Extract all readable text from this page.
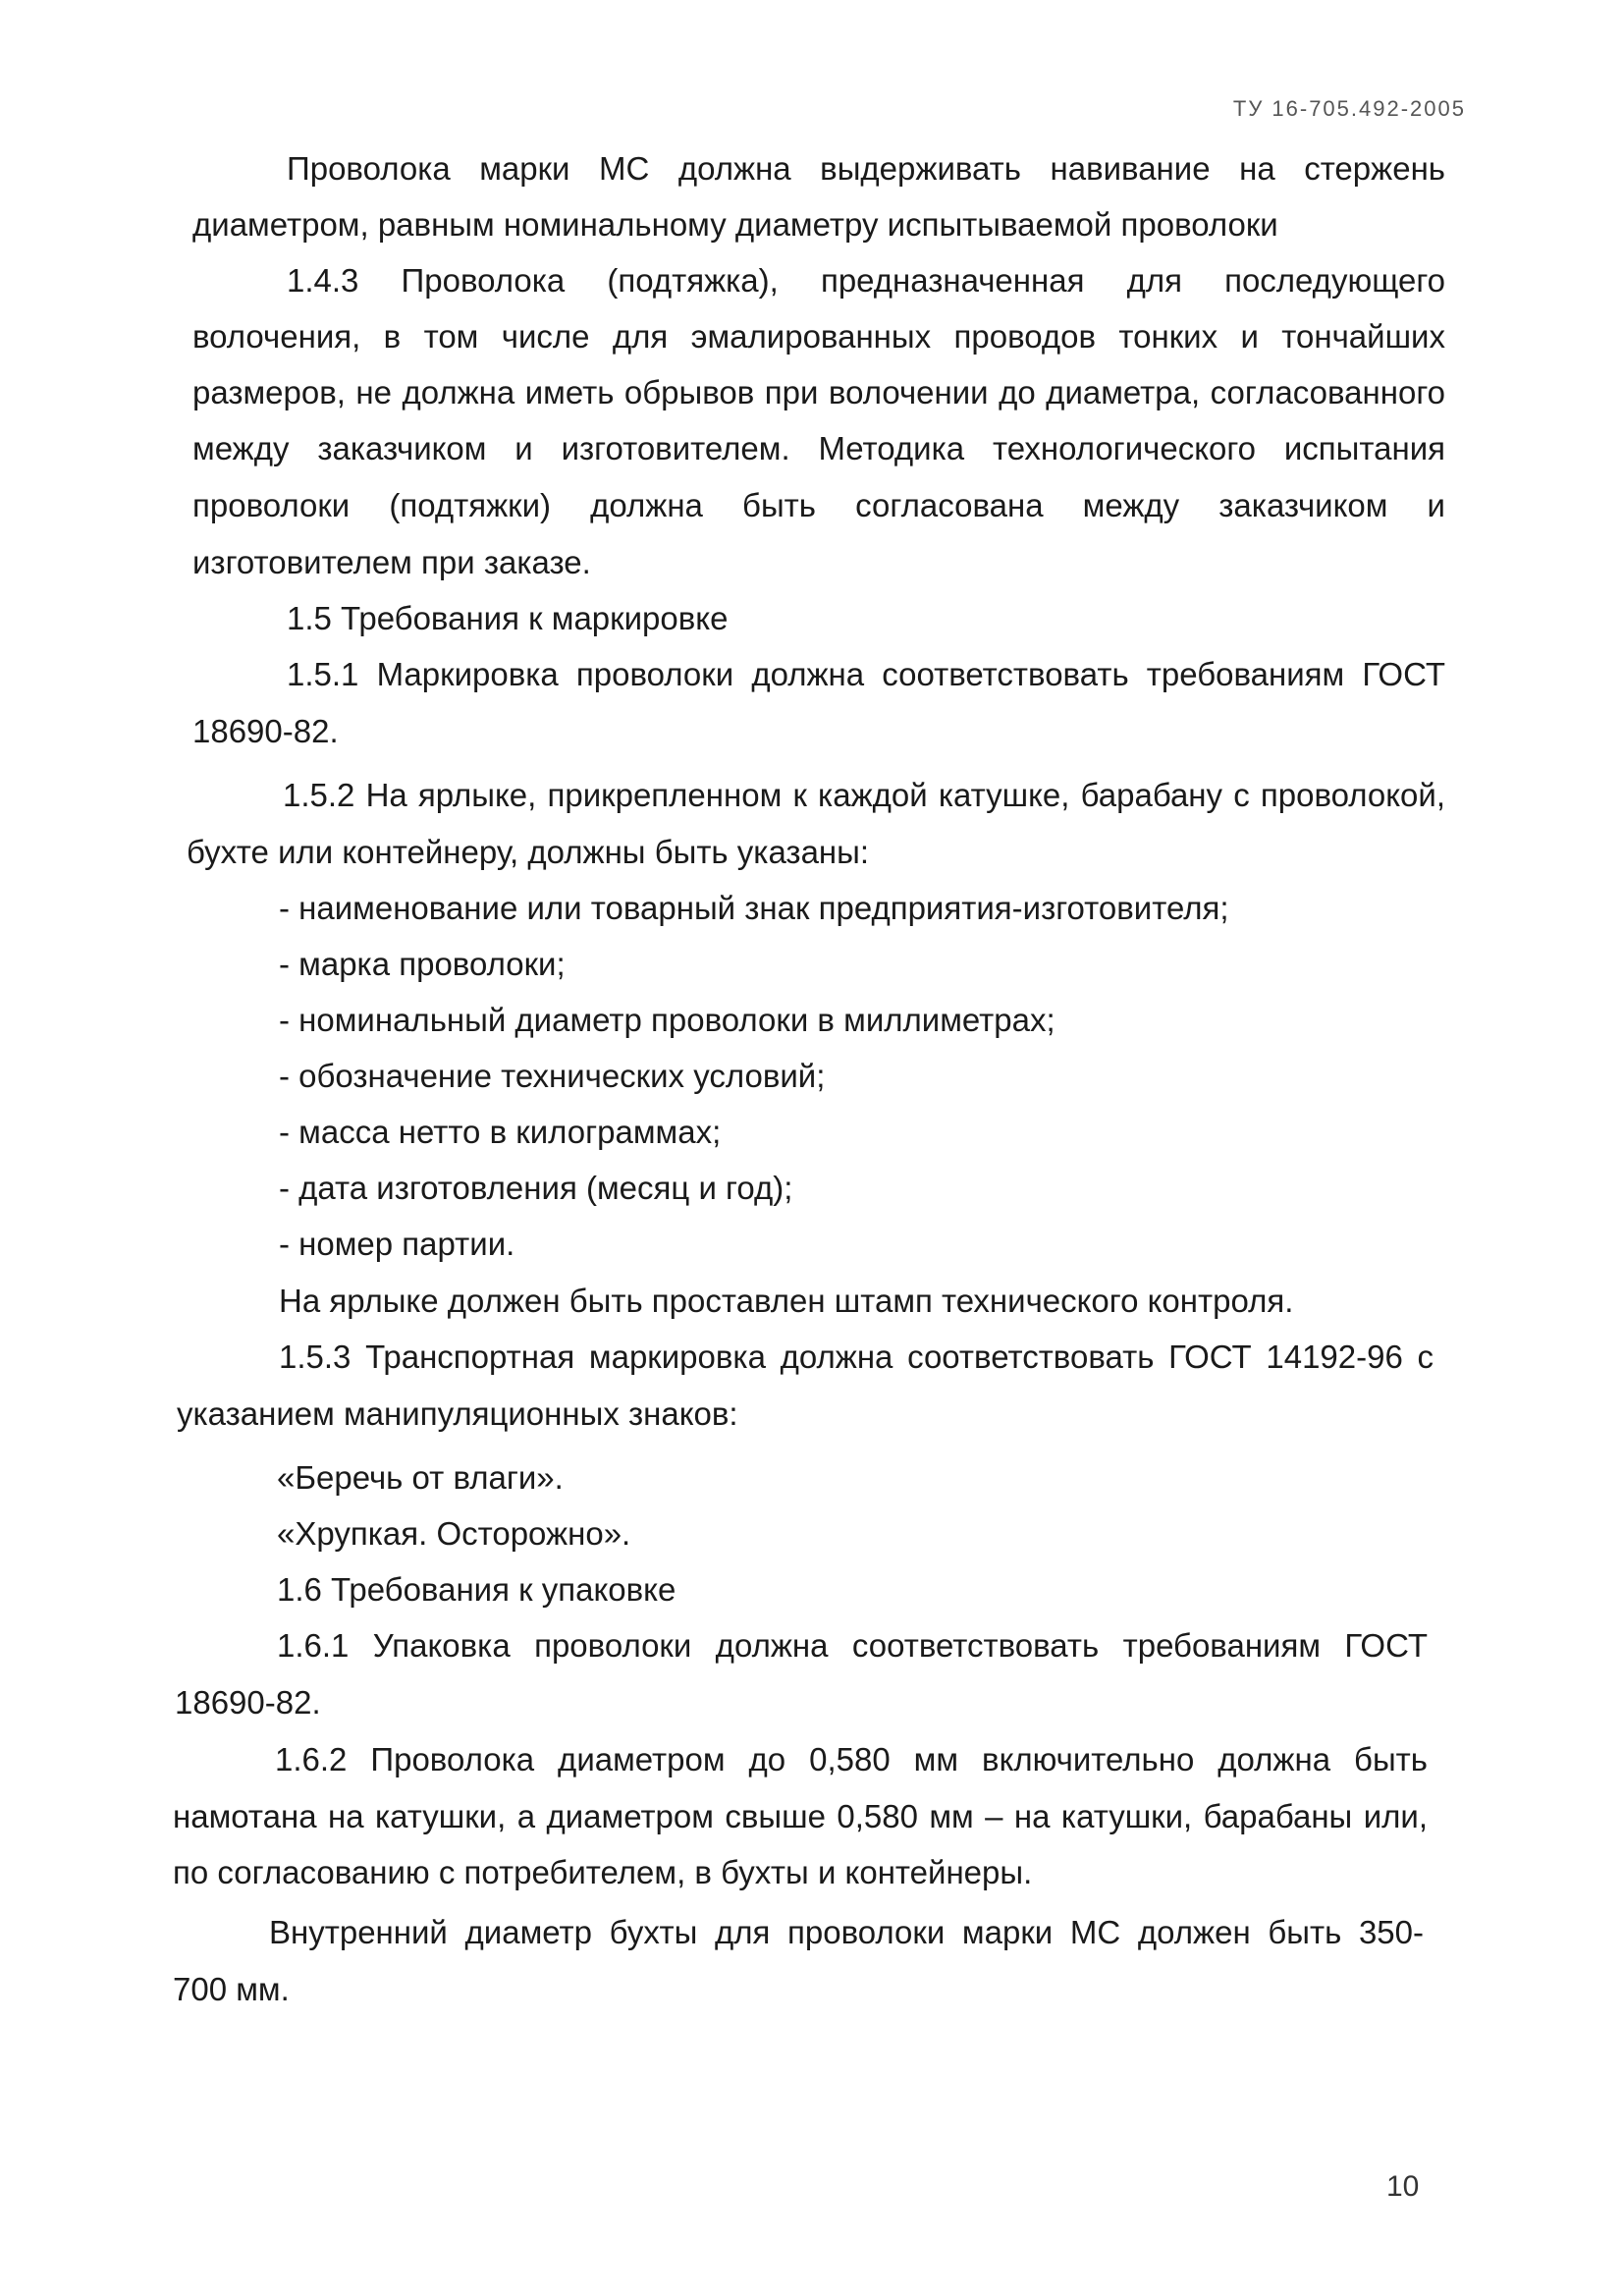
ТУ 16-705.492-2005
Проволока марки МС должна выдерживать навивание на стержень
диаметром, равным номинальному диаметру испытываемой проволоки
1.4.3 Проволока (подтяжка), предназначенная для последующего
волочения, в том числе для эмалированных проводов тонких и тончайших
размеров, не должна иметь обрывов при волочении до диаметра, согласованного
между заказчиком и изготовителем. Методика технологического испытания
проволоки (подтяжки) должна быть согласована между заказчиком и
изготовителем при заказе.
1.5 Требования к маркировке
1.5.1 Маркировка проволоки должна соответствовать требованиям ГОСТ
18690-82.
1.5.2 На ярлыке, прикрепленном к каждой катушке, барабану с проволокой,
бухте или контейнеру, должны быть указаны:
- наименование или товарный знак предприятия-изготовителя;
- марка проволоки;
- номинальный диаметр проволоки в миллиметрах;
- обозначение технических условий;
- масса нетто в килограммах;
- дата изготовления (месяц и год);
- номер партии.
На ярлыке должен быть проставлен штамп технического контроля.
1.5.3 Транспортная маркировка должна соответствовать ГОСТ 14192-96 с
указанием манипуляционных знаков:
«Беречь от влаги».
«Хрупкая. Осторожно».
1.6 Требования к упаковке
1.6.1 Упаковка проволоки должна соответствовать требованиям ГОСТ
18690-82.
1.6.2 Проволока диаметром до 0,580 мм включительно должна быть
намотана на катушки, а диаметром свыше 0,580 мм – на катушки, барабаны или,
по согласованию с потребителем, в бухты и контейнеры.
Внутренний диаметр бухты для проволоки марки МС должен быть 350-
700 мм.
10
